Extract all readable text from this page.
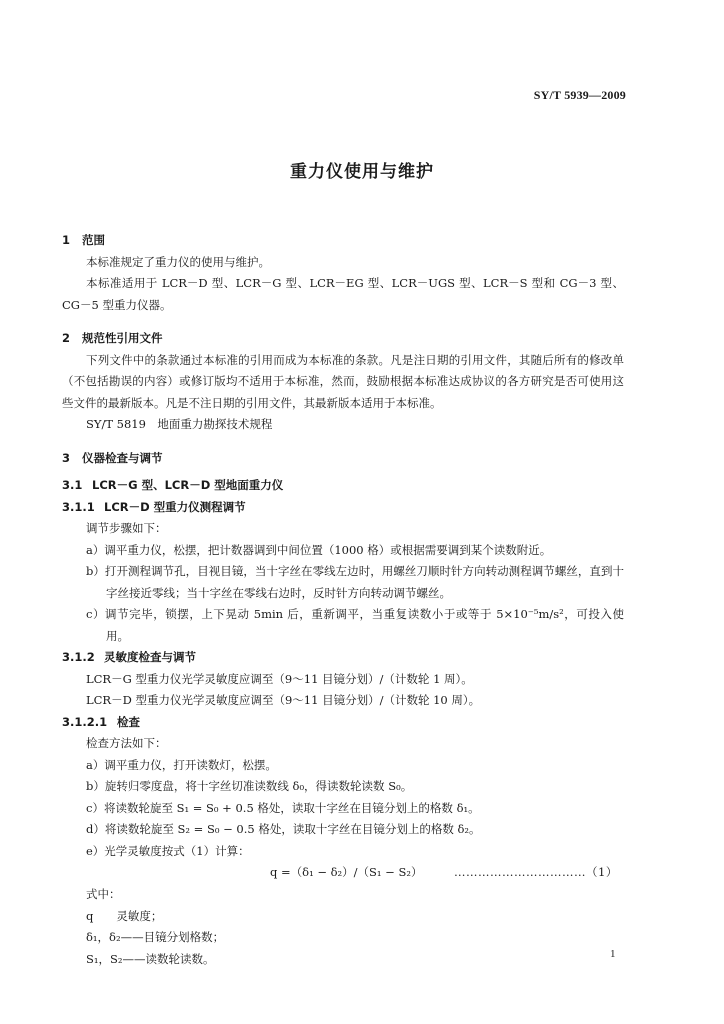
SY/T 5939—2009
重力仪使用与维护
1 范围
本标准规定了重力仪的使用与维护。
本标准适用于 LCR－D 型、LCR－G 型、LCR－EG 型、LCR－UGS 型、LCR－S 型和 CG－3 型、CG－5 型重力仪器。
2 规范性引用文件
下列文件中的条款通过本标准的引用而成为本标准的条款。凡是注日期的引用文件，其随后所有的修改单（不包括勘误的内容）或修订版均不适用于本标准，然而，鼓励根据本标准达成协议的各方研究是否可使用这些文件的最新版本。凡是不注日期的引用文件，其最新版本适用于本标准。
SY/T 5819　地面重力勘探技术规程
3 仪器检查与调节
3.1 LCR－G 型、LCR－D 型地面重力仪
3.1.1 LCR－D 型重力仪测程调节
调节步骤如下：
a）调平重力仪，松摆，把计数器调到中间位置（1000 格）或根据需要调到某个读数附近。
b）打开测程调节孔，目视目镜，当十字丝在零线左边时，用螺丝刀顺时针方向转动测程调节螺丝，直到十字丝接近零线；当十字丝在零线右边时，反时针方向转动调节螺丝。
c）调节完毕，锁摆，上下晃动 5min 后，重新调平，当重复读数小于或等于 5×10⁻⁵m/s²，可投入使用。
3.1.2 灵敏度检查与调节
LCR－G 型重力仪光学灵敏度应调至（9～11 目镜分划）/（计数轮 1 周）。
LCR－D 型重力仪光学灵敏度应调至（9～11 目镜分划）/（计数轮 10 周）。
3.1.2.1 检查
检查方法如下：
a）调平重力仪，打开读数灯，松摆。
b）旋转归零度盘，将十字丝切准读数线 δ₀，得读数轮读数 S₀。
c）将读数轮旋至 S₁ = S₀ + 0.5 格处，读取十字丝在目镜分划上的格数 δ₁。
d）将读数轮旋至 S₂ = S₀ − 0.5 格处，读取十字丝在目镜分划上的格数 δ₂。
e）光学灵敏度按式（1）计算：
q =（δ₁ − δ₂）/（S₁ − S₂）	……………………………（1）
式中：
q　　灵敏度；
δ₁，δ₂——目镜分划格数；
S₁，S₂——读数轮读数。	1
